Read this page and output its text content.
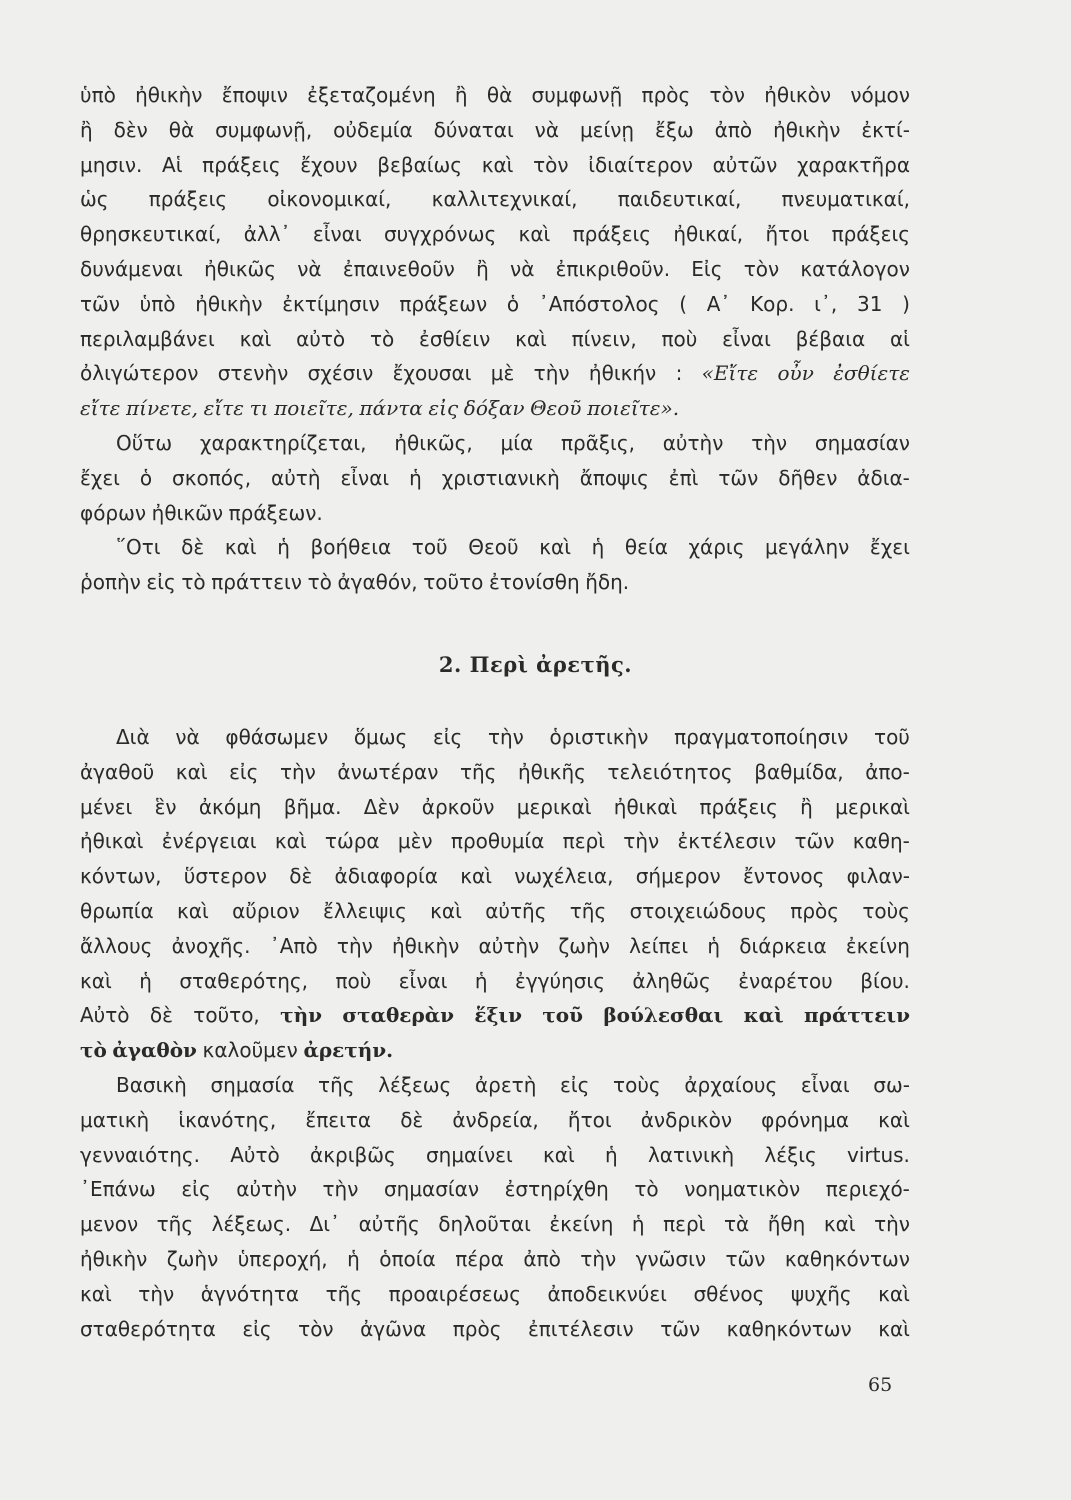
ὑπὸ ἠθικὴν ἔποψιν ἐξεταζομένη ἢ θὰ συμφωνῇ πρὸς τὸν ἠθικὸν νόμον
ἢ δὲν θὰ συμφωνῇ, οὐδεμία δύναται νὰ μείνῃ ἔξω ἀπὸ ἠθικὴν ἐκτί-
μησιν. Αἱ πράξεις ἔχουν βεβαίως καὶ τὸν ἰδιαίτερον αὐτῶν χαρακτῆρα
ὡς πράξεις οἰκονομικαί, καλλιτεχνικαί, παιδευτικαί, πνευματικαί,
θρησκευτικαί, ἀλλ᾽ εἶναι συγχρόνως καὶ πράξεις ἠθικαί, ἤτοι πράξεις
δυνάμεναι ἠθικῶς νὰ ἐπαινεθοῦν ἢ νὰ ἐπικριθοῦν. Εἰς τὸν κατάλογον
τῶν ὑπὸ ἠθικὴν ἐκτίμησιν πράξεων ὁ ᾽Απόστολος ( Α᾽ Κορ. ι᾽, 31 )
περιλαμβάνει καὶ αὐτὸ τὸ ἐσθίειν καὶ πίνειν, ποὺ εἶναι βέβαια αἱ
ὀλιγώτερον στενὴν σχέσιν ἔχουσαι μὲ τὴν ἠθικήν : «Εἴτε οὖν ἐσθίετε
εἴτε πίνετε, εἴτε τι ποιεῖτε, πάντα εἰς δόξαν Θεοῦ ποιεῖτε».
Οὕτω χαρακτηρίζεται, ἠθικῶς, μία πρᾶξις, αὐτὴν τὴν σημασίαν
ἔχει ὁ σκοπός, αὐτὴ εἶναι ἡ χριστιανικὴ ἄποψις ἐπὶ τῶν δῆθεν ἀδια-
φόρων ἠθικῶν πράξεων.
῞Οτι δὲ καὶ ἡ βοήθεια τοῦ Θεοῦ καὶ ἡ θεία χάρις μεγάλην ἔχει
ῥοπὴν εἰς τὸ πράττειν τὸ ἀγαθόν, τοῦτο ἐτονίσθη ἤδη.
2. Περὶ ἀρετῆς.
Διὰ νὰ φθάσωμεν ὅμως εἰς τὴν ὁριστικὴν πραγματοποίησιν τοῦ
ἀγαθοῦ καὶ εἰς τὴν ἀνωτέραν τῆς ἠθικῆς τελειότητος βαθμίδα, ἀπο-
μένει ἓν ἀκόμη βῆμα. Δὲν ἀρκοῦν μερικαὶ ἠθικαὶ πράξεις ἢ μερικαὶ
ἠθικαὶ ἐνέργειαι καὶ τώρα μὲν προθυμία περὶ τὴν ἐκτέλεσιν τῶν καθη-
κόντων, ὕστερον δὲ ἀδιαφορία καὶ νωχέλεια, σήμερον ἔντονος φιλαν-
θρωπία καὶ αὔριον ἔλλειψις καὶ αὐτῆς τῆς στοιχειώδους πρὸς τοὺς
ἄλλους ἀνοχῆς. ᾽Απὸ τὴν ἠθικὴν αὐτὴν ζωὴν λείπει ἡ διάρκεια ἐκείνη
καὶ ἡ σταθερότης, ποὺ εἶναι ἡ ἐγγύησις ἀληθῶς ἐναρέτου βίου.
Αὐτὸ δὲ τοῦτο, τὴν σταθερὰν ἕξιν τοῦ βούλεσθαι καὶ πράττειν
τὸ ἀγαθὸν καλοῦμεν ἀρετήν.
Βασικὴ σημασία τῆς λέξεως ἀρετὴ εἰς τοὺς ἀρχαίους εἶναι σω-
ματικὴ ἱκανότης, ἔπειτα δὲ ἀνδρεία, ἤτοι ἀνδρικὸν φρόνημα καὶ
γενναιότης. Αὐτὸ ἀκριβῶς σημαίνει καὶ ἡ λατινικὴ λέξις virtus.
᾽Επάνω εἰς αὐτὴν τὴν σημασίαν ἐστηρίχθη τὸ νοηματικὸν περιεχό-
μενον τῆς λέξεως. Δι᾽ αὐτῆς δηλοῦται ἐκείνη ἡ περὶ τὰ ἤθη καὶ τὴν
ἠθικὴν ζωὴν ὑπεροχή, ἡ ὁποία πέρα ἀπὸ τὴν γνῶσιν τῶν καθηκόντων
καὶ τὴν ἁγνότητα τῆς προαιρέσεως ἀποδεικνύει σθένος ψυχῆς καὶ
σταθερότητα εἰς τὸν ἀγῶνα πρὸς ἐπιτέλεσιν τῶν καθηκόντων καὶ
65
